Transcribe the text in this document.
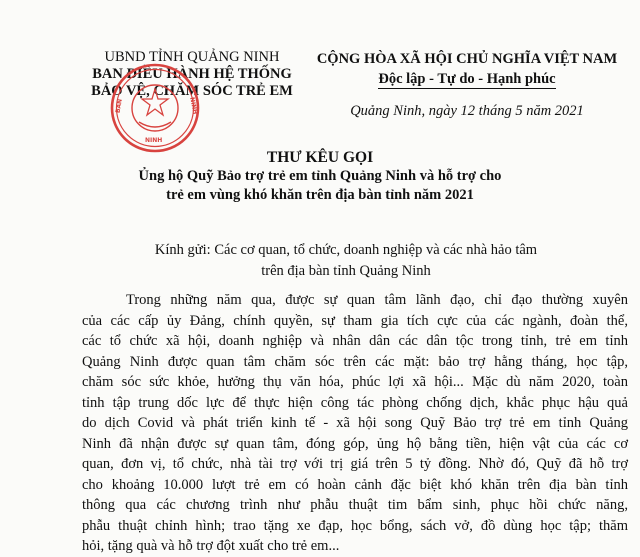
UBND TỈNH QUẢNG NINH
BAN ĐIỀU HÀNH HỆ THỐNG
BẢO VỆ, CHĂM SÓC TRẺ EM
BAN	NINH
NINH
CỘNG HÒA XÃ HỘI CHỦ NGHĨA VIỆT NAM
Độc lập - Tự do - Hạnh phúc
Quảng Ninh, ngày 12 tháng 5 năm 2021
THƯ KÊU GỌI
Ủng hộ Quỹ Bảo trợ trẻ em tỉnh Quảng Ninh và hỗ trợ cho
trẻ em vùng khó khăn trên địa bàn tỉnh năm 2021
Kính gửi: Các cơ quan, tổ chức, doanh nghiệp và các nhà hảo tâm
trên địa bàn tỉnh Quảng Ninh
Trong những năm qua, được sự quan tâm lãnh đạo, chỉ đạo thường xuyên
của các cấp ủy Đảng, chính quyền, sự tham gia tích cực của các ngành, đoàn thể,
các tổ chức xã hội, doanh nghiệp và nhân dân các dân tộc trong tỉnh, trẻ em tỉnh
Quảng Ninh được quan tâm chăm sóc trên các mặt: bảo trợ hằng tháng, học tập,
chăm sóc sức khỏe, hưởng thụ văn hóa, phúc lợi xã hội... Mặc dù năm 2020, toàn
tỉnh tập trung dốc lực để thực hiện công tác phòng chống dịch, khắc phục hậu quả
do dịch Covid và phát triển kinh tế - xã hội song Quỹ Bảo trợ trẻ em tỉnh Quảng
Ninh đã nhận được sự quan tâm, đóng góp, ủng hộ bằng tiền, hiện vật của các cơ
quan, đơn vị, tổ chức, nhà tài trợ với trị giá trên 5 tỷ đồng. Nhờ đó, Quỹ đã hỗ trợ
cho khoảng 10.000 lượt trẻ em có hoàn cảnh đặc biệt khó khăn trên địa bàn tỉnh
thông qua các chương trình như phẫu thuật tim bẩm sinh, phục hồi chức năng,
phẫu thuật chỉnh hình; trao tặng xe đạp, học bổng, sách vở, đồ dùng học tập; thăm
hỏi, tặng quà và hỗ trợ đột xuất cho trẻ em...
